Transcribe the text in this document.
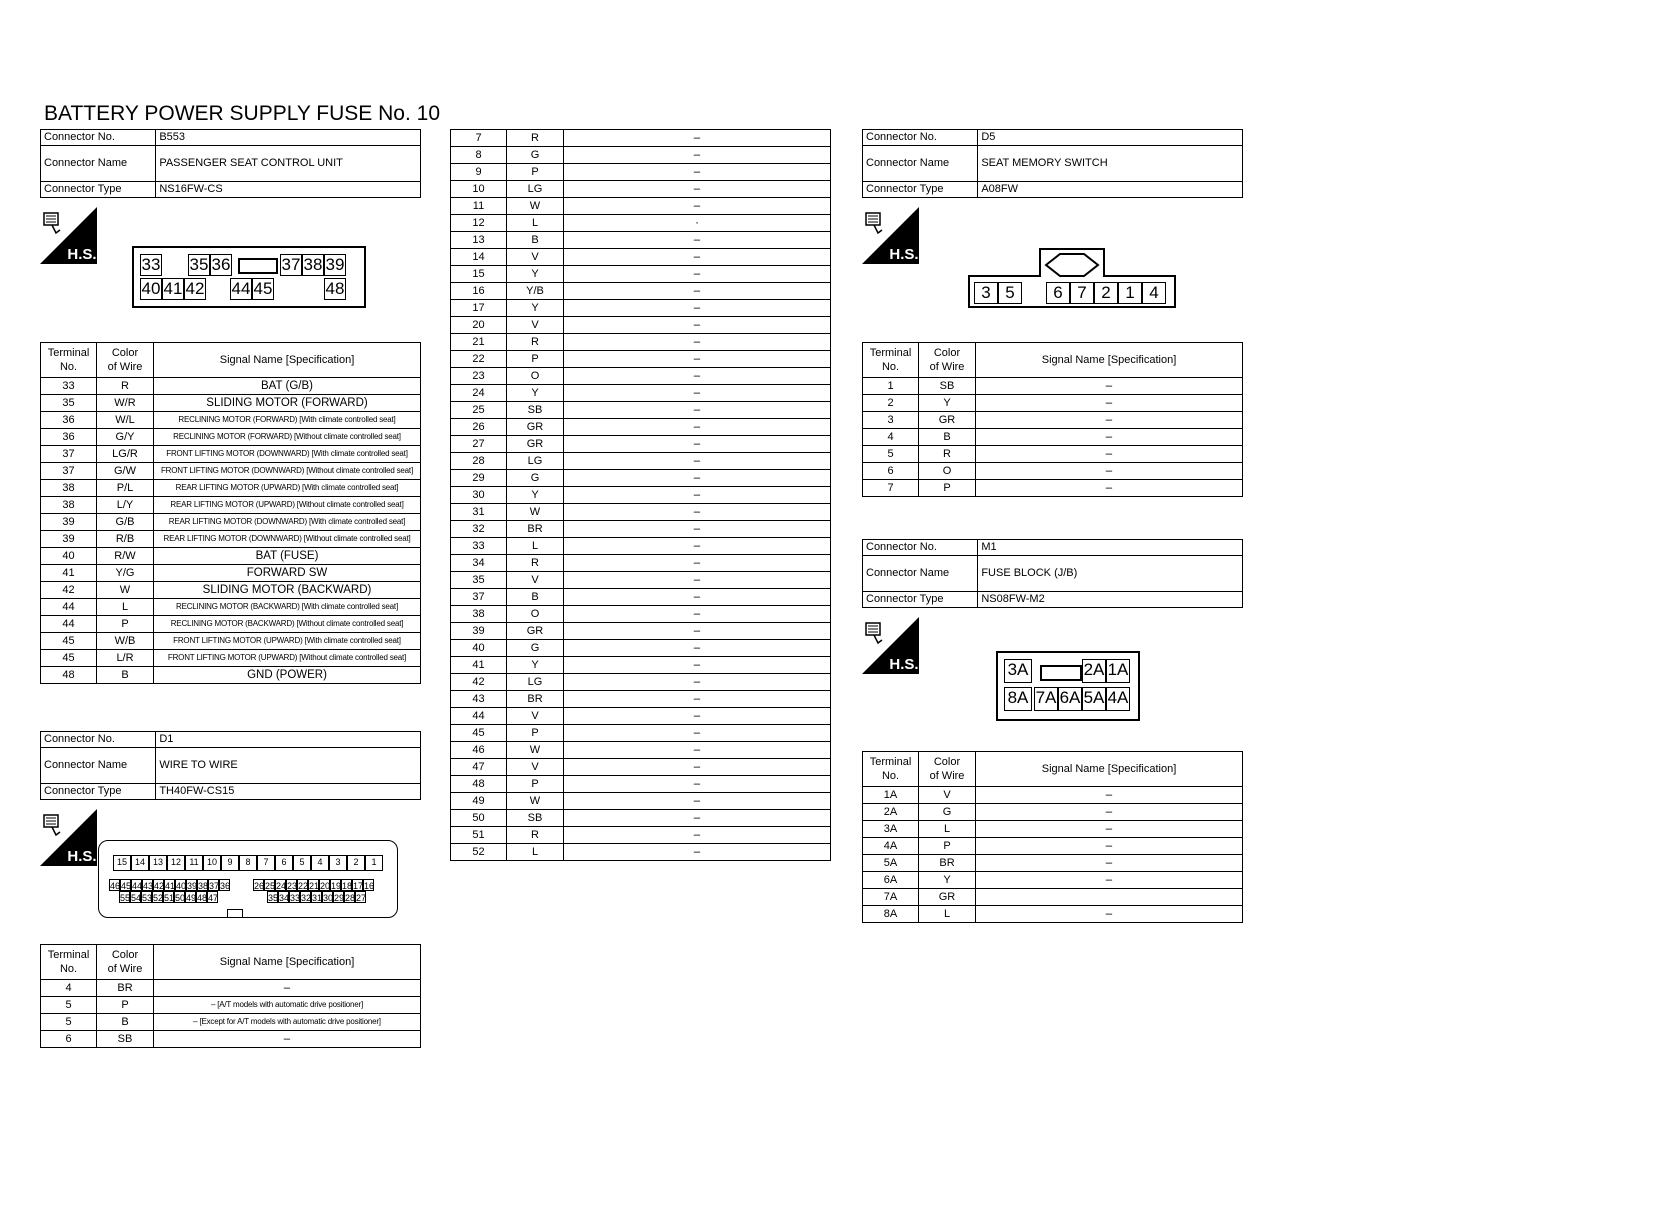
BATTERY POWER SUPPLY FUSE No. 10
Connector No.	B553
Connector Name	PASSENGER SEAT CONTROL UNIT
Connector Type	NS16FW-CS
H.S.
33 35 36	37 38 39
40 41 42 44 45	48
Terminal
No.	Color
of Wire	Signal Name [Specification]
33	R	BAT (G/B)
35	W/R	SLIDING MOTOR (FORWARD)
36	W/L	RECLINING MOTOR (FORWARD) [With climate controlled seat]
36	G/Y	RECLINING MOTOR (FORWARD) [Without climate controlled seat]
37	LG/R	FRONT LIFTING MOTOR (DOWNWARD) [With climate controlled seat]
37	G/W	FRONT LIFTING MOTOR (DOWNWARD) [Without climate controlled seat]
38	P/L	REAR LIFTING MOTOR (UPWARD) [With climate controlled seat]
38	L/Y	REAR LIFTING MOTOR (UPWARD) [Without climate controlled seat]
39	G/B	REAR LIFTING MOTOR (DOWNWARD) [With climate controlled seat]
39	R/B	REAR LIFTING MOTOR (DOWNWARD) [Without climate controlled seat]
40	R/W	BAT (FUSE)
41	Y/G	FORWARD SW
42	W	SLIDING MOTOR (BACKWARD)
44	L	RECLINING MOTOR (BACKWARD) [With climate controlled seat]
44	P	RECLINING MOTOR (BACKWARD) [Without climate controlled seat]
45	W/B	FRONT LIFTING MOTOR (UPWARD) [With climate controlled seat]
45	L/R	FRONT LIFTING MOTOR (UPWARD) [Without climate controlled seat]
48	B	GND (POWER)
Connector No.	D1
Connector Name	WIRE TO WIRE
Connector Type	TH40FW-CS15
H.S.	15 14 13 12 11 10	9	8	7	6	5	4	3	2	1
46 45 44 43 42 41 40 39 38 37 36	26 25 24 23 22 21 20 19 18 17 16
55 54 53 52 51 50 49 48 47	35 34 33 32 31 30 29 28 27
Terminal
No.	Color
of Wire	Signal Name [Specification]
4	BR	–
5	P	– [A/T models with automatic drive positioner]
5	B	– [Except for A/T models with automatic drive positioner]
6	SB	–
7	R	–
8	G	–
9	P	–
10	LG	–
11	W	–
12	L	·
13	B	–
14	V	–
15	Y	–
16	Y/B	–
17	Y	–
20	V	–
21	R	–
22	P	–
23	O	–
24	Y	–
25	SB	–
26	GR	–
27	GR	–
28	LG	–
29	G	–
30	Y	–
31	W	–
32	BR	–
33	L	–
34	R	–
35	V	–
37	B	–
38	O	–
39	GR	–
40	G	–
41	Y	–
42	LG	–
43	BR	–
44	V	–
45	P	–
46	W	–
47	V	–
48	P	–
49	W	–
50	SB	–
51	R	–
52	L	–
Connector No.	D5
Connector Name	SEAT MEMORY SWITCH
Connector Type	A08FW
H.S.
3 5	6 7 2 1 4
Terminal
No.	Color
of Wire	Signal Name [Specification]
1	SB	–
2	Y	–
3	GR	–
4	B	–
5	R	–
6	O	–
7	P	–
Connector No.	M1
Connector Name	FUSE BLOCK (J/B)
Connector Type	NS08FW-M2
H.S.	3A	2A 1A
8A 7A 6A 5A 4A
Terminal
No.	Color
of Wire	Signal Name [Specification]
1A	V	–
2A	G	–
3A	L	–
4A	P	–
5A	BR	–
6A	Y	–
7A	GR	
8A	L	–
